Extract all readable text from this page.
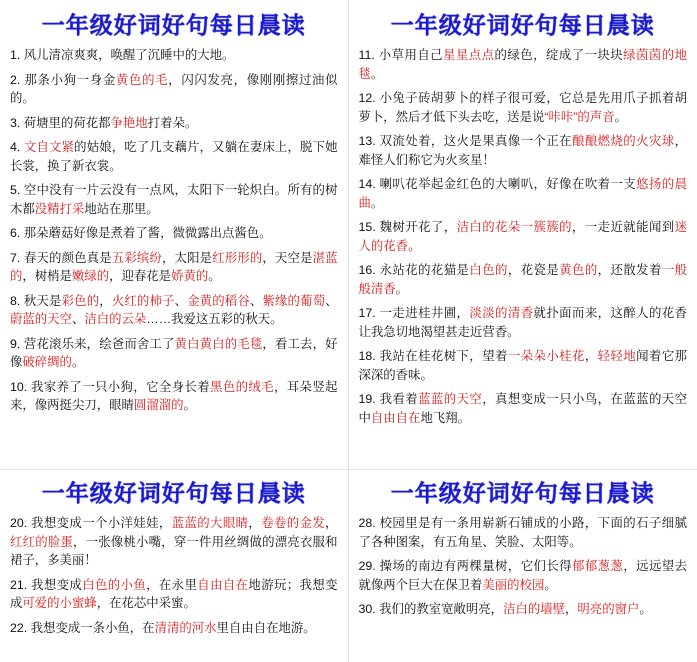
一年级好词好句每日晨读
1. 风儿清凉爽爽，唤醒了沉睡中的大地。
2. 那条小狗一身金黄色的毛，闪闪发亮，像刚刚擦过油似的。
3. 荷塘里的荷花都争艳地打着朵。
4. 文自文紧的姑娘，吃了几支藕片，又躺在妻床上，脱下她长裳，换了新衣裳。
5. 空中没有一片云没有一点风，太阳下一轮炽白。所有的树木都没精打采地站在那里。
6. 那朵蘑菇好像是煮着了酱，微微露出点酱色。
7. 春天的颜色真是五彩缤纷，太阳是红形形的，天空是湛蓝的，树梢是嫩绿的，迎春花是娇黄的。
8. 秋天是彩色的，火红的柿子、金黄的稻谷、紫缘的葡萄、蔚蓝的天空、洁白的云朵……我爱这五彩的秋天。
9. 营花滚乐来，绘爸而舍工了黄白黄白的毛毯，看工去，好像破碎绸的。
10. 我家养了一只小狗，它全身长着黑色的绒毛，耳朵竖起来，像两挺尖刀，眼睛圆溜溜的。
一年级好词好句每日晨读
11. 小草用自己星星点点的绿色，绽成了一块块绿茵茵的地毯。
12. 小兔子砖胡萝卜的样子很可爱，它总是先用爪子抓着胡萝卜，然后才低下头去吃，送是说“咔咔”的声音。
13. 双流处着，这火是果真像一个正在酿酿燃烧的火灾球，难怪人们称它为火亥星！
14. 喇叭花举起金红色的大喇叭，好像在吹着一支悠扬的晨曲。
15. 魏树开花了，洁白的花朵一簇簇的，一走近就能闻到迷人的花香。
16. 永站花的花猫是白色的，花瓷是黄色的，还散发着一般般清香。
17. 一走进桂井圃，淡淡的清香就扑面而来，这醉人的花香让我急切地渴望甚走近营香。
18. 我站在桂花树下，望着一朵朵小桂花，轻轻地闻着它那深深的香味。
19. 我看着蓝蓝的天空，真想变成一只小鸟，在蓝蓝的天空中自由自在地飞翔。
一年级好词好句每日晨读
20. 我想变成一个小洋娃娃，蓝蓝的大眼睛，卷卷的金发，红红的脸蛋，一张像桃小嘴，穿一件用丝绸做的漂亮衣服和裙子，多美丽！
21. 我想变成白色的小鱼，在永里自由自在地游玩；我想变成可爱的小蜜蜂，在花芯中采蜜。
22. 我想变成一条小鱼，在清清的河水里自由自在地游。
一年级好词好句每日晨读
28. 校园里是有一条用崭新石铺成的小路，下面的石子细腻了各种图案，有五角星、笑脸、太阳等。
29. 操场的南边有两棵量树，它们长得郁郁葱葱，远远望去就像两个巨大在保卫着美丽的校园。
30. 我们的教室宽敞明亮，洁白的墙壁，明亮的窗户。
